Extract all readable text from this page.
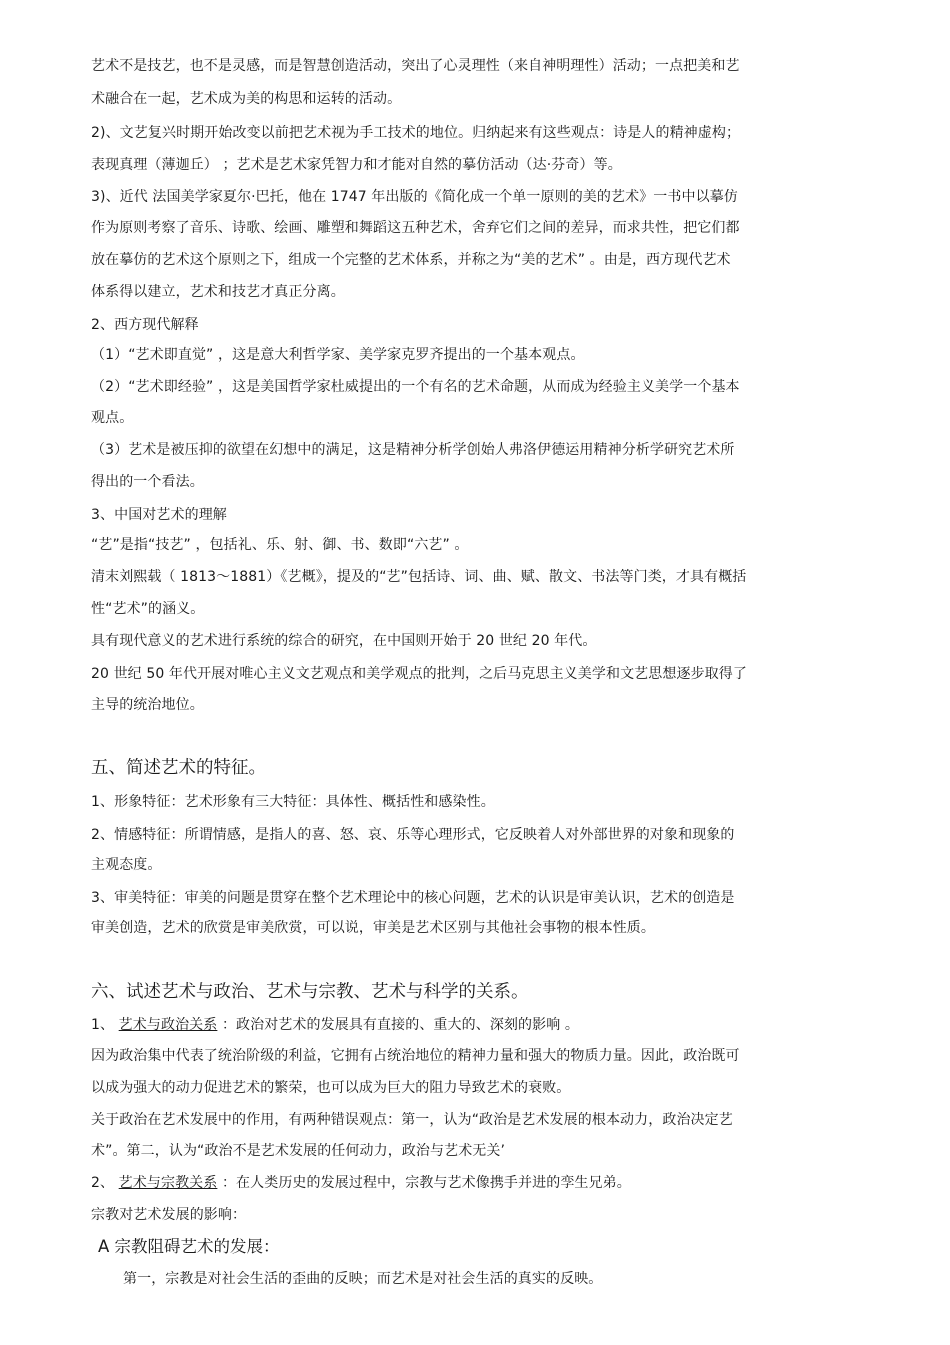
艺术不是技艺，也不是灵感，而是智慧创造活动，突出了心灵理性（来自神明理性）活动；一点把美和艺
术融合在一起，艺术成为美的构思和运转的活动。
2)、文艺复兴时期开始改变以前把艺术视为手工技术的地位。归纳起来有这些观点：诗是人的精神虚构；
表现真理（薄迦丘） ；艺术是艺术家凭智力和才能对自然的摹仿活动（达·芬奇）等。
3)、近代 法国美学家夏尔·巴托，他在 1747 年出版的《简化成一个单一原则的美的艺术》一书中以摹仿
作为原则考察了音乐、诗歌、绘画、雕塑和舞蹈这五种艺术，舍弃它们之间的差异，而求共性，把它们都
放在摹仿的艺术这个原则之下，组成一个完整的艺术体系，并称之为“美的艺术” 。由是，西方现代艺术
体系得以建立，艺术和技艺才真正分离。
2、西方现代解释
（1）“艺术即直觉” ，这是意大利哲学家、美学家克罗齐提出的一个基本观点。
（2）“艺术即经验” ，这是美国哲学家杜威提出的一个有名的艺术命题，从而成为经验主义美学一个基本
观点。
（3）艺术是被压抑的欲望在幻想中的满足，这是精神分析学创始人弗洛伊德运用精神分析学研究艺术所
得出的一个看法。
3、中国对艺术的理解
“艺”是指“技艺” ，包括礼、乐、射、御、书、数即“六艺” 。
清末刘熙载（ 1813～1881）《艺概》，提及的“艺”包括诗、词、曲、赋、散文、书法等门类，才具有概括
性“艺术”的涵义。
具有现代意义的艺术进行系统的综合的研究，在中国则开始于 20 世纪 20 年代。
20 世纪 50 年代开展对唯心主义文艺观点和美学观点的批判，之后马克思主义美学和文艺思想逐步取得了
主导的统治地位。
五、简述艺术的特征。
1、形象特征：艺术形象有三大特征：具体性、概括性和感染性。
2、情感特征：所谓情感，是指人的喜、怒、哀、乐等心理形式，它反映着人对外部世界的对象和现象的
主观态度。
3、审美特征：审美的问题是贯穿在整个艺术理论中的核心问题，艺术的认识是审美认识，艺术的创造是
审美创造，艺术的欣赏是审美欣赏，可以说，审美是艺术区别与其他社会事物的根本性质。
六、试述艺术与政治、艺术与宗教、艺术与科学的关系。
1、 艺术与政治关系 ：政治对艺术的发展具有直接的、重大的、深刻的影响 。
因为政治集中代表了统治阶级的利益，它拥有占统治地位的精神力量和强大的物质力量。因此，政治既可
以成为强大的动力促进艺术的繁荣，也可以成为巨大的阻力导致艺术的衰败。
关于政治在艺术发展中的作用，有两种错误观点：第一，认为“政治是艺术发展的根本动力，政治决定艺
术”。第二，认为“政治不是艺术发展的任何动力，政治与艺术无关’
2、 艺术与宗教关系 ：在人类历史的发展过程中，宗教与艺术像携手并进的孪生兄弟。
宗教对艺术发展的影响：
A 宗教阻碍艺术的发展：
第一，宗教是对社会生活的歪曲的反映；而艺术是对社会生活的真实的反映。
